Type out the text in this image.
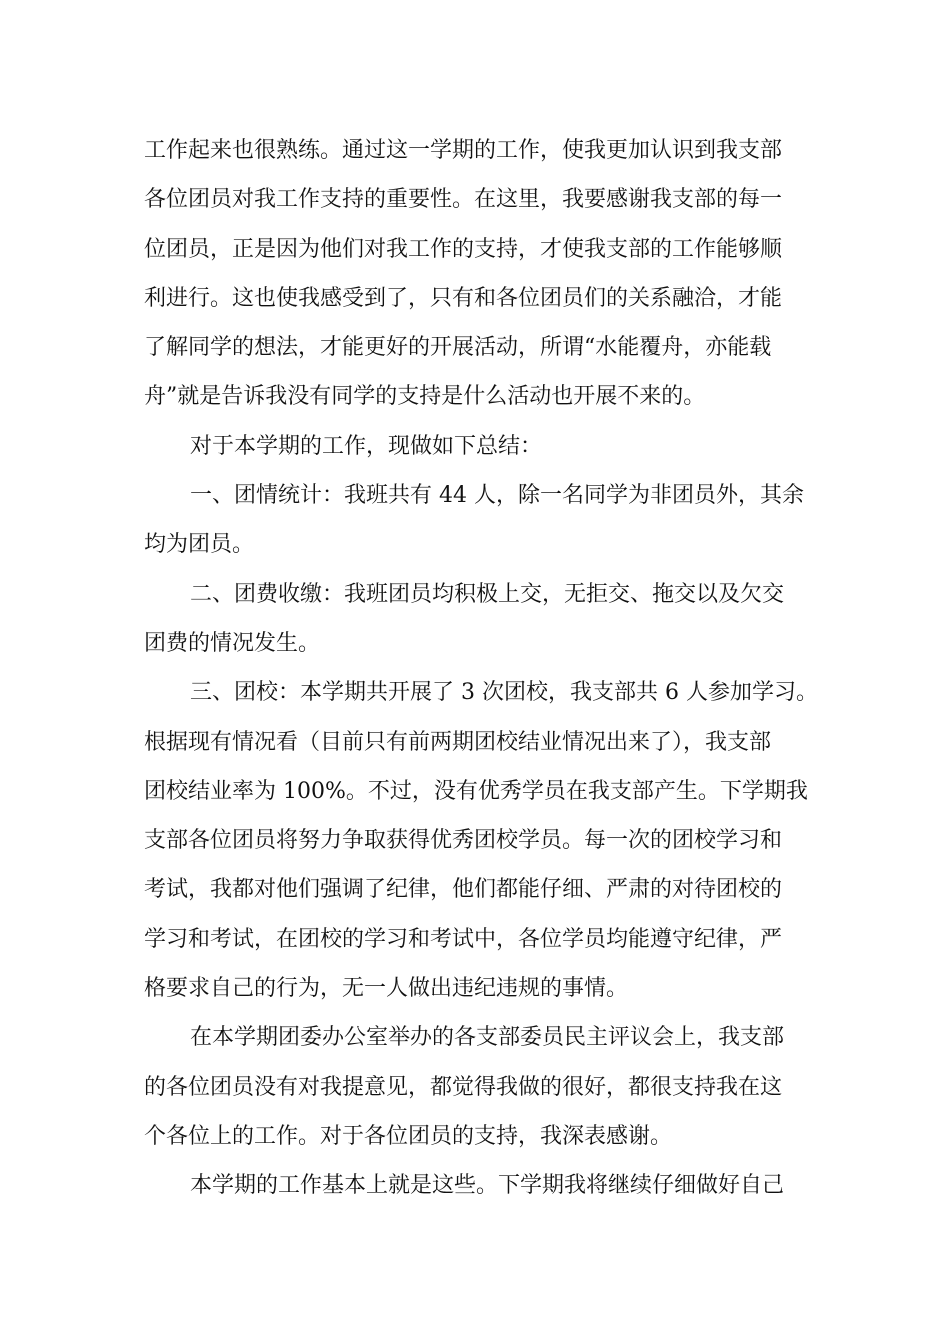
工作起来也很熟练。通过这一学期的工作，使我更加认识到我支部
各位团员对我工作支持的重要性。在这里，我要感谢我支部的每一
位团员，正是因为他们对我工作的支持，才使我支部的工作能够顺
利进行。这也使我感受到了，只有和各位团员们的关系融洽，才能
了解同学的想法，才能更好的开展活动，所谓“水能覆舟，亦能载
舟”就是告诉我没有同学的支持是什么活动也开展不来的。
对于本学期的工作，现做如下总结：
一、团情统计：我班共有 44 人，除一名同学为非团员外，其余
均为团员。
二、团费收缴：我班团员均积极上交，无拒交、拖交以及欠交
团费的情况发生。
三、团校：本学期共开展了 3 次团校，我支部共 6 人参加学习。
根据现有情况看（目前只有前两期团校结业情况出来了），我支部
团校结业率为 100%。不过，没有优秀学员在我支部产生。下学期我
支部各位团员将努力争取获得优秀团校学员。每一次的团校学习和
考试，我都对他们强调了纪律，他们都能仔细、严肃的对待团校的
学习和考试，在团校的学习和考试中，各位学员均能遵守纪律，严
格要求自己的行为，无一人做出违纪违规的事情。
在本学期团委办公室举办的各支部委员民主评议会上，我支部
的各位团员没有对我提意见，都觉得我做的很好，都很支持我在这
个各位上的工作。对于各位团员的支持，我深表感谢。
本学期的工作基本上就是这些。下学期我将继续仔细做好自己
